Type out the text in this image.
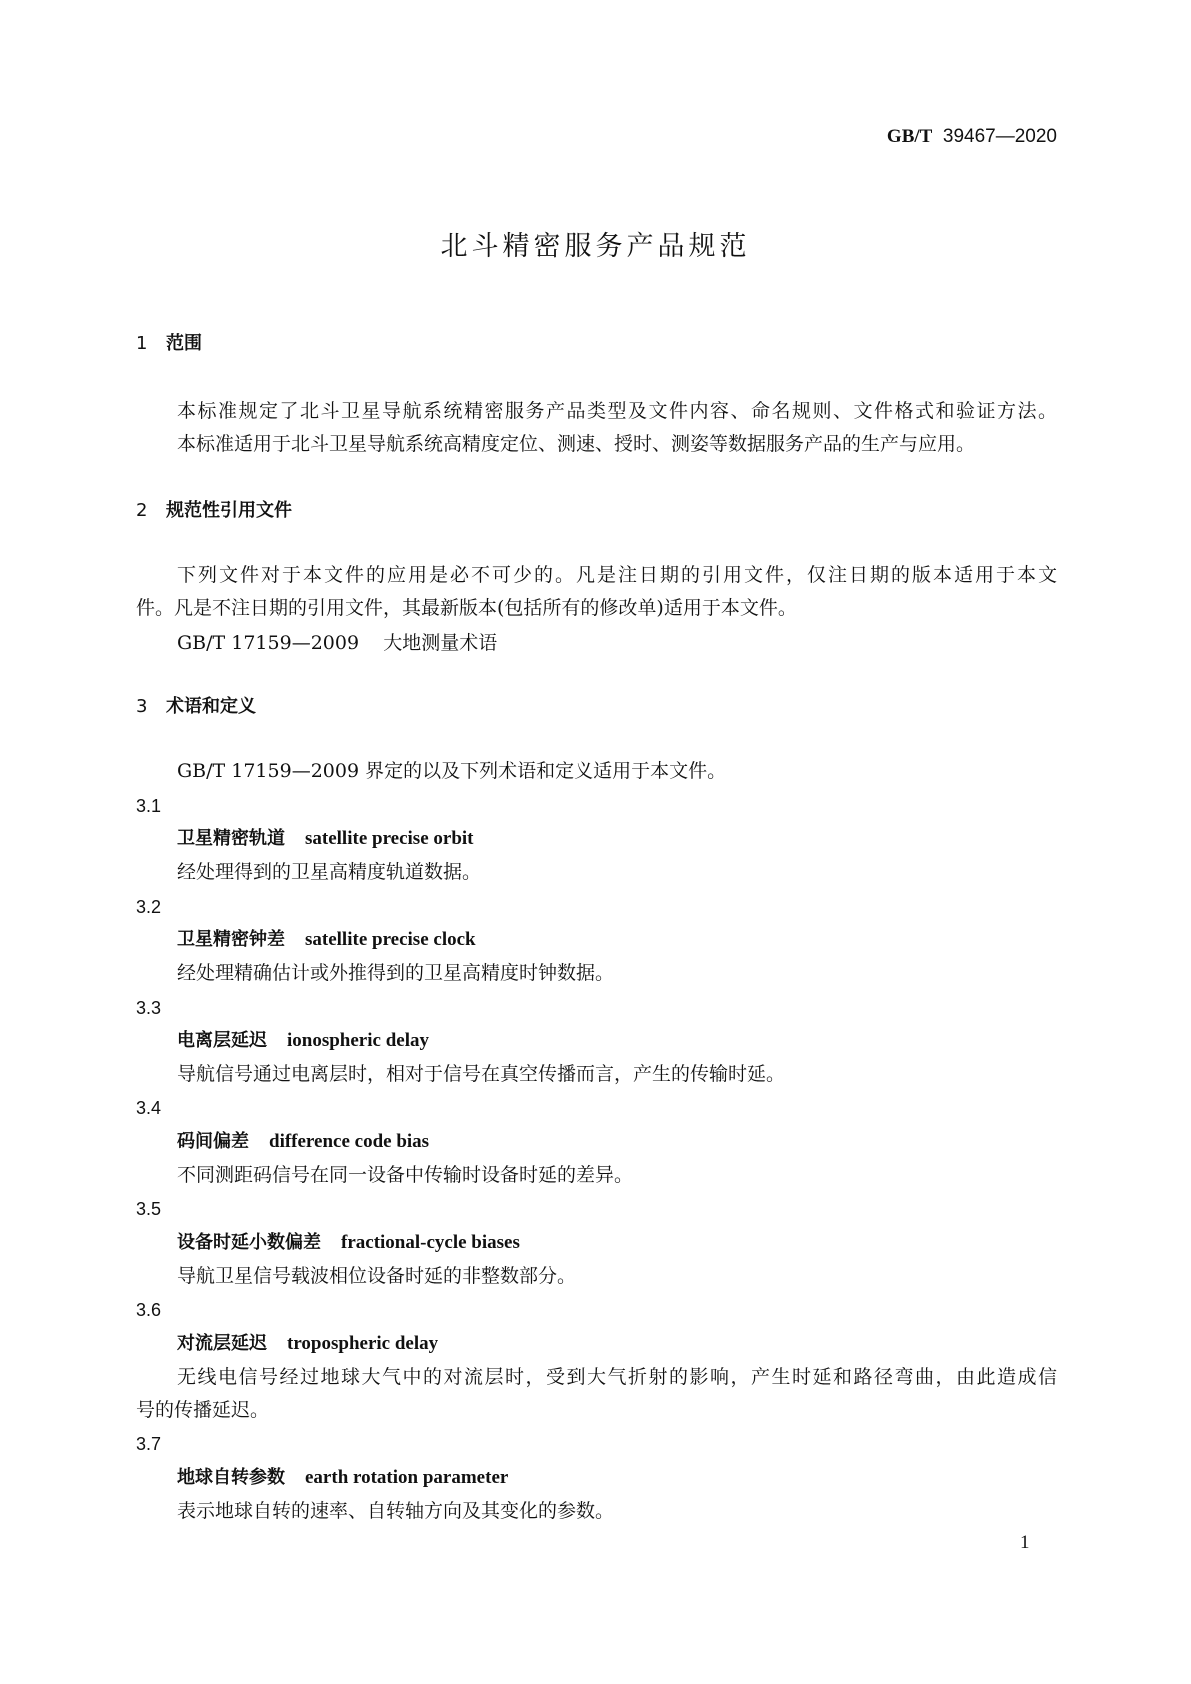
GB/T 39467—2020
北斗精密服务产品规范
1 范围
本标准规定了北斗卫星导航系统精密服务产品类型及文件内容、命名规则、文件格式和验证方法。
本标准适用于北斗卫星导航系统高精度定位、测速、授时、测姿等数据服务产品的生产与应用。
2 规范性引用文件
下列文件对于本文件的应用是必不可少的。凡是注日期的引用文件，仅注日期的版本适用于本文
件。凡是不注日期的引用文件，其最新版本(包括所有的修改单)适用于本文件。
GB/T 17159—2009 大地测量术语
3 术语和定义
GB/T 17159—2009 界定的以及下列术语和定义适用于本文件。
3.1
卫星精密轨道 satellite precise orbit
经处理得到的卫星高精度轨道数据。
3.2
卫星精密钟差 satellite precise clock
经处理精确估计或外推得到的卫星高精度时钟数据。
3.3
电离层延迟 ionospheric delay
导航信号通过电离层时，相对于信号在真空传播而言，产生的传输时延。
3.4
码间偏差 difference code bias
不同测距码信号在同一设备中传输时设备时延的差异。
3.5
设备时延小数偏差 fractional-cycle biases
导航卫星信号载波相位设备时延的非整数部分。
3.6
对流层延迟 tropospheric delay
无线电信号经过地球大气中的对流层时，受到大气折射的影响，产生时延和路径弯曲，由此造成信
号的传播延迟。
3.7
地球自转参数 earth rotation parameter
表示地球自转的速率、自转轴方向及其变化的参数。
1
